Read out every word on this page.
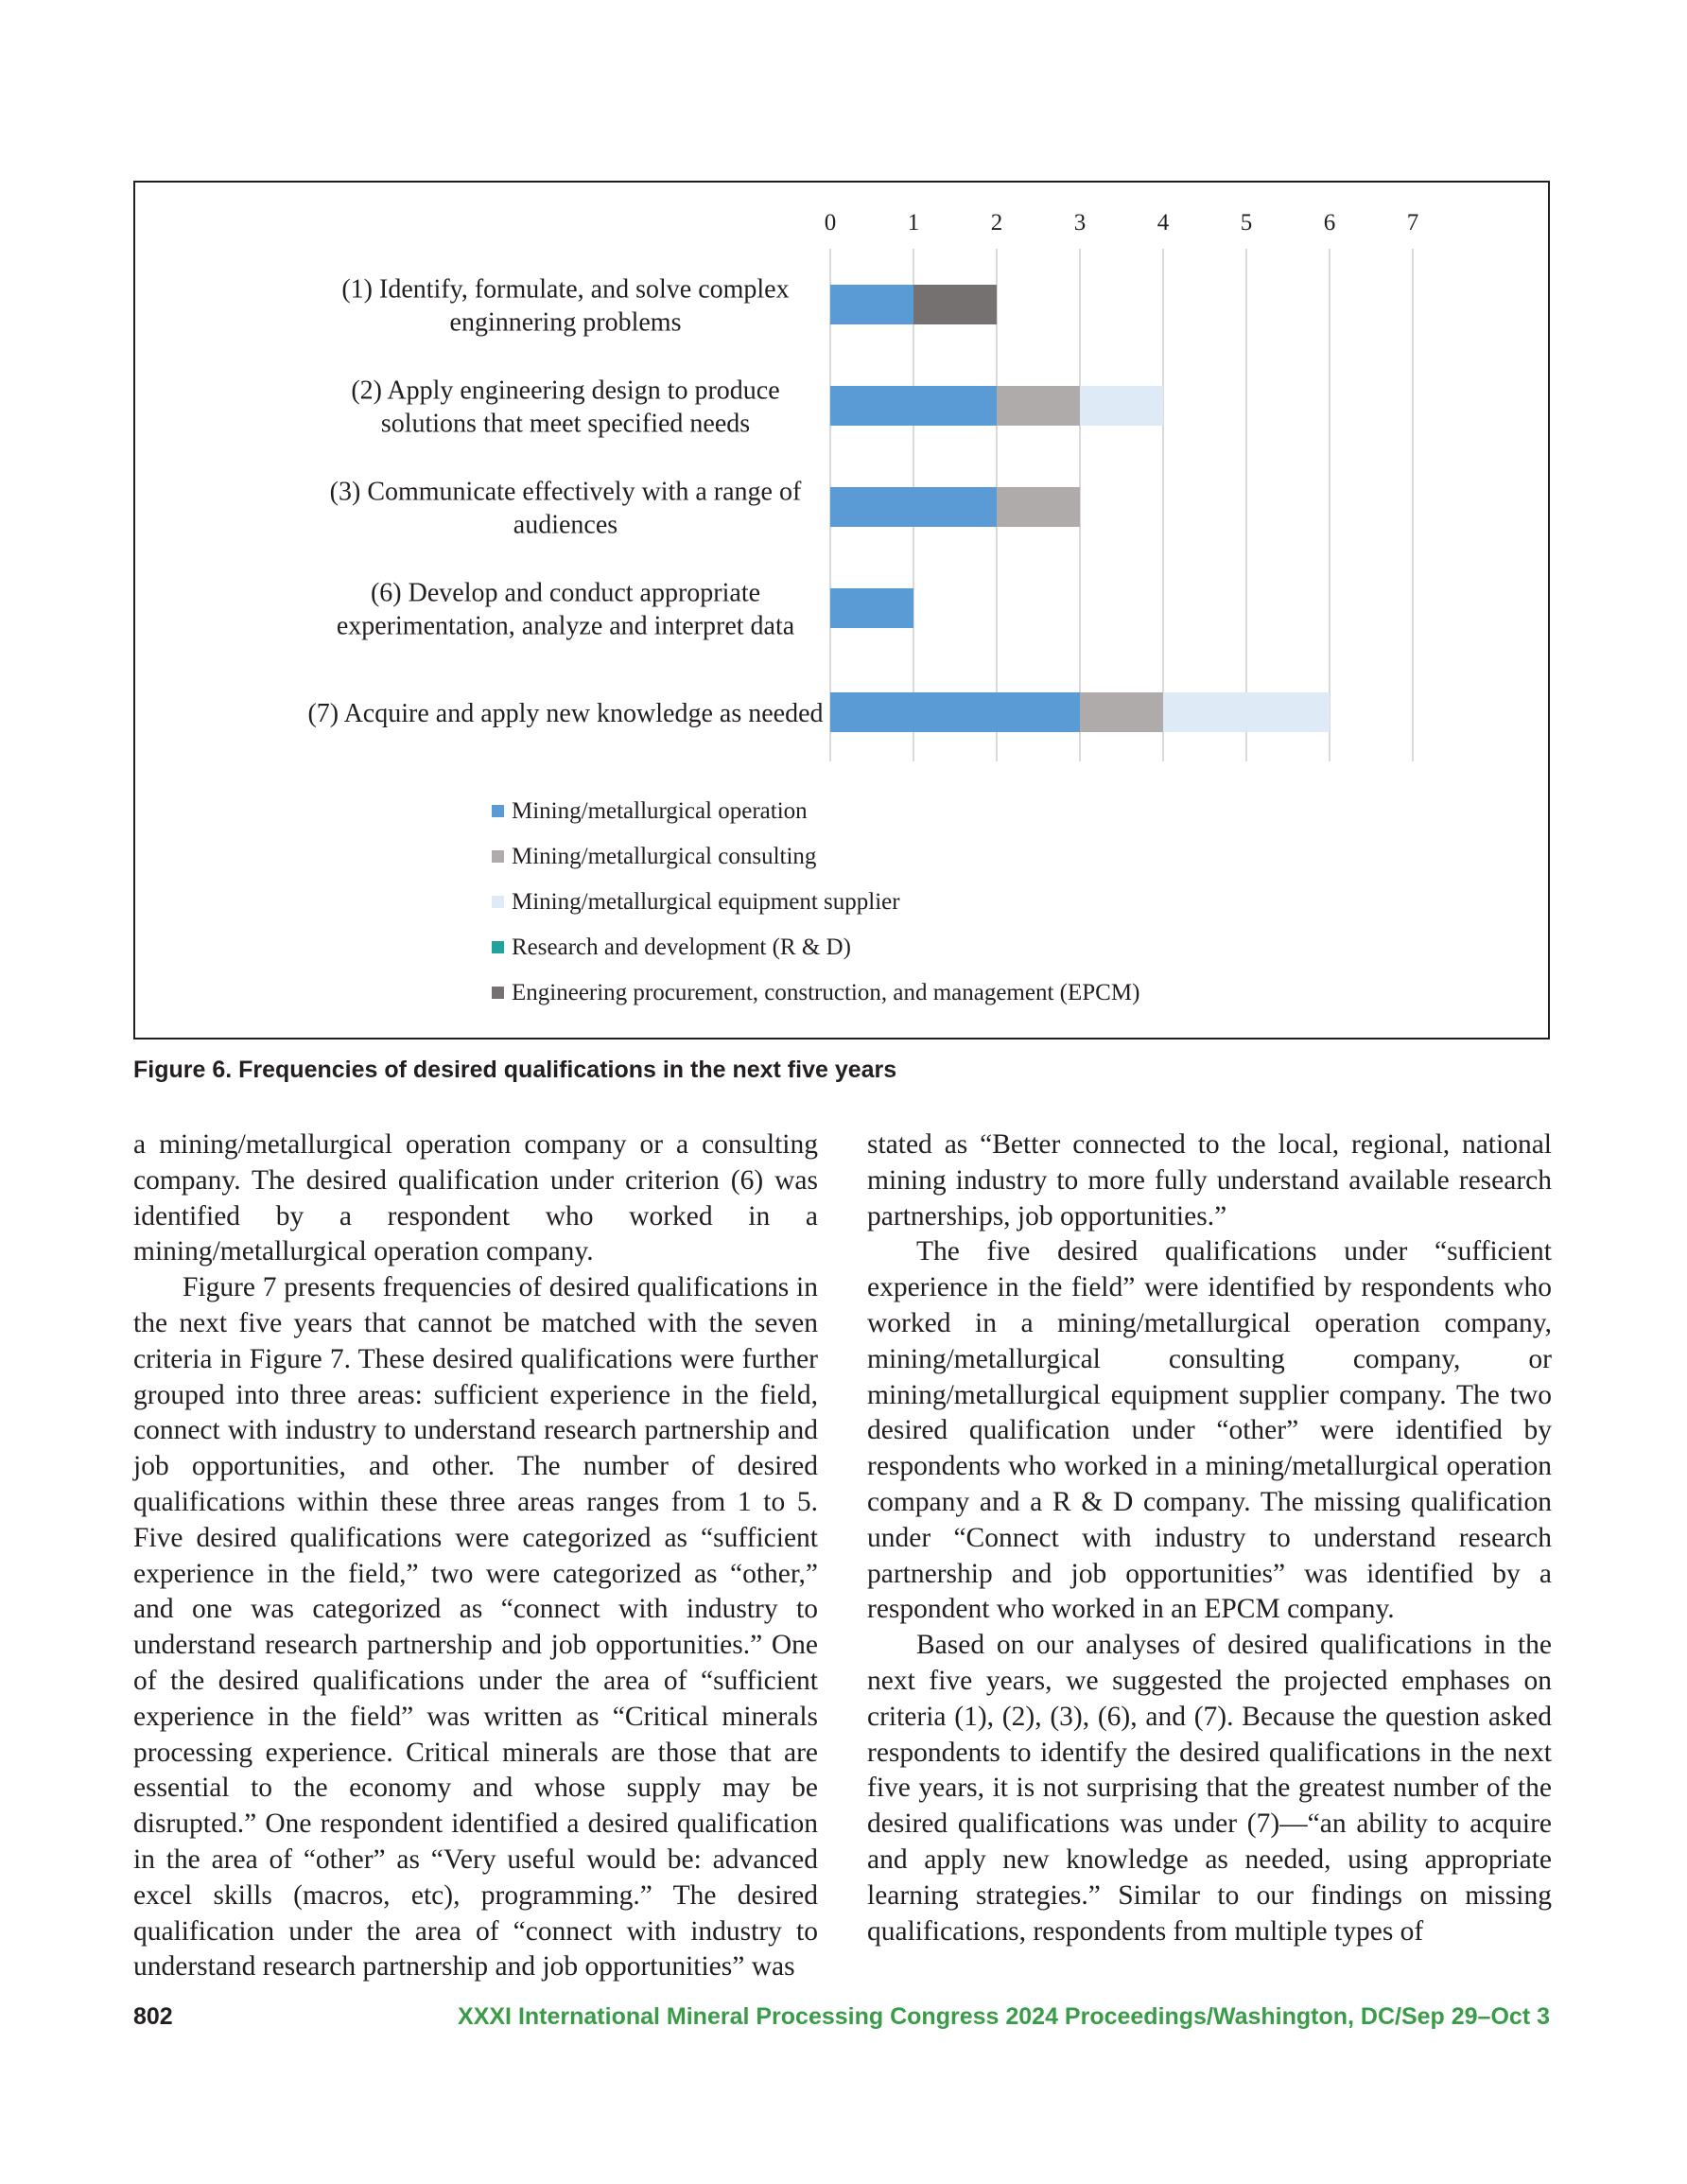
0	1	2	3	4	5	6	7
(1) Identify, formulate, and solve complex enginnering problems
(2) Apply engineering design to produce solutions that meet specified needs
(3) Communicate effectively with a range of audiences
(6) Develop and conduct appropriate experimentation, analyze and interpret data
(7) Acquire and apply new knowledge as needed
Mining/metallurgical operation
Mining/metallurgical consulting
Mining/metallurgical equipment supplier
Research and development (R & D)
Engineering procurement, construction, and management (EPCM)
Figure 6. Frequencies of desired qualifications in the next five years

a mining/metallurgical operation company or a consulting company. The desired qualification under criterion (6) was identified by a respondent who worked in a mining/metallurgical operation company.

Figure 7 presents frequencies of desired qualifications in the next five years that cannot be matched with the seven criteria in Figure 7. These desired qualifications were further grouped into three areas: sufficient experience in the field, connect with industry to understand research partnership and job opportunities, and other. The number of desired qualifications within these three areas ranges from 1 to 5. Five desired qualifications were categorized as “sufficient experience in the field,” two were categorized as “other,” and one was categorized as “connect with industry to understand research partnership and job opportunities.” One of the desired qualifications under the area of “sufficient experience in the field” was written as “Critical minerals processing experience. Critical minerals are those that are essential to the economy and whose supply may be disrupted.” One respondent identified a desired qualification in the area of “other” as “Very useful would be: advanced excel skills (macros, etc), programming.” The desired qualification under the area of “connect with industry to understand research partnership and job opportunities” was

stated as “Better connected to the local, regional, national mining industry to more fully understand available research partnerships, job opportunities.”

The five desired qualifications under “sufficient experience in the field” were identified by respondents who worked in a mining/metallurgical operation company, mining/metallurgical consulting company, or mining/metallurgical equipment supplier company. The two desired qualification under “other” were identified by respondents who worked in a mining/metallurgical operation company and a R & D company. The missing qualification under “Connect with industry to understand research partnership and job opportunities” was identified by a respondent who worked in an EPCM company.

Based on our analyses of desired qualifications in the next five years, we suggested the projected emphases on criteria (1), (2), (3), (6), and (7). Because the question asked respondents to identify the desired qualifications in the next five years, it is not surprising that the greatest number of the desired qualifications was under (7)—“an ability to acquire and apply new knowledge as needed, using appropriate learning strategies.” Similar to our findings on missing qualifications, respondents from multiple types of

802	XXXI International Mineral Processing Congress 2024 Proceedings/Washington, DC/Sep 29–Oct 3
